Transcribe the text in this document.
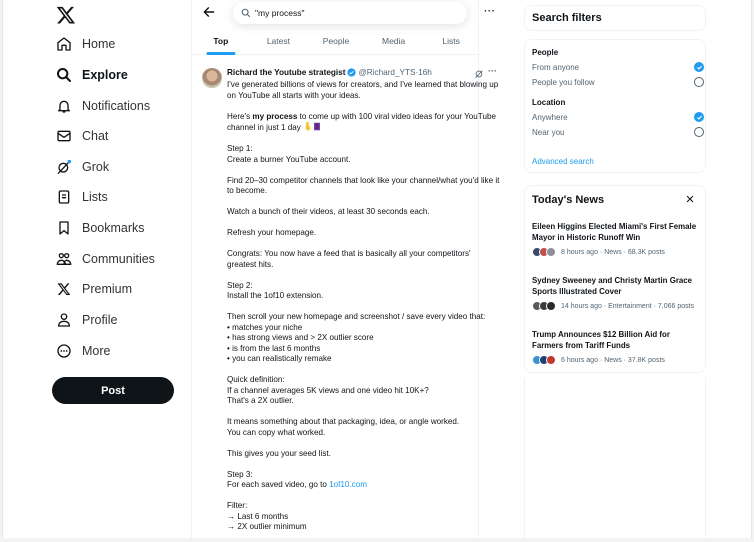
Home
Explore
Notifications
Chat
Grok
Lists
Bookmarks
Communities
Premium
Profile
More
Post
"my process"
···
Top	Latest	People	Media	Lists
Richard the Youtube strategist @Richard_YTS · 16h	···

I've generated billions of views for creators, and I've learned that blowing up on YouTube all starts with your ideas.

Here's my process to come up with 100 viral video ideas for your YouTube channel in just 1 day

Step 1:
Create a burner YouTube account.

Find 20–30 competitor channels that look like your channel/what you'd like it to become.

Watch a bunch of their videos, at least 30 seconds each.

Refresh your homepage.

Congrats: You now have a feed that is basically all your competitors' greatest hits.

Step 2:
Install the 1of10 extension.

Then scroll your new homepage and screenshot / save every video that:
• matches your niche
• has strong views and > 2X outlier score
• is from the last 6 months
• you can realistically remake

Quick definition:
If a channel averages 5K views and one video hit 10K+?
That's a 2X outlier.

It means something about that packaging, idea, or angle worked.
You can copy what worked.

This gives you your seed list.

Step 3:
For each saved video, go to 1of10.com

Filter:
→ Last 6 months
→ 2X outlier minimum

Search filters
People
From anyone
People you follow
Location
Anywhere
Near you
Advanced search
Today's News
Eileen Higgins Elected Miami's First Female Mayor in Historic Runoff Win
8 hours ago · News · 68.3K posts
Sydney Sweeney and Christy Martin Grace Sports Illustrated Cover
14 hours ago · Entertainment · 7,066 posts
Trump Announces $12 Billion Aid for Farmers from Tariff Funds
6 hours ago · News · 37.8K posts
